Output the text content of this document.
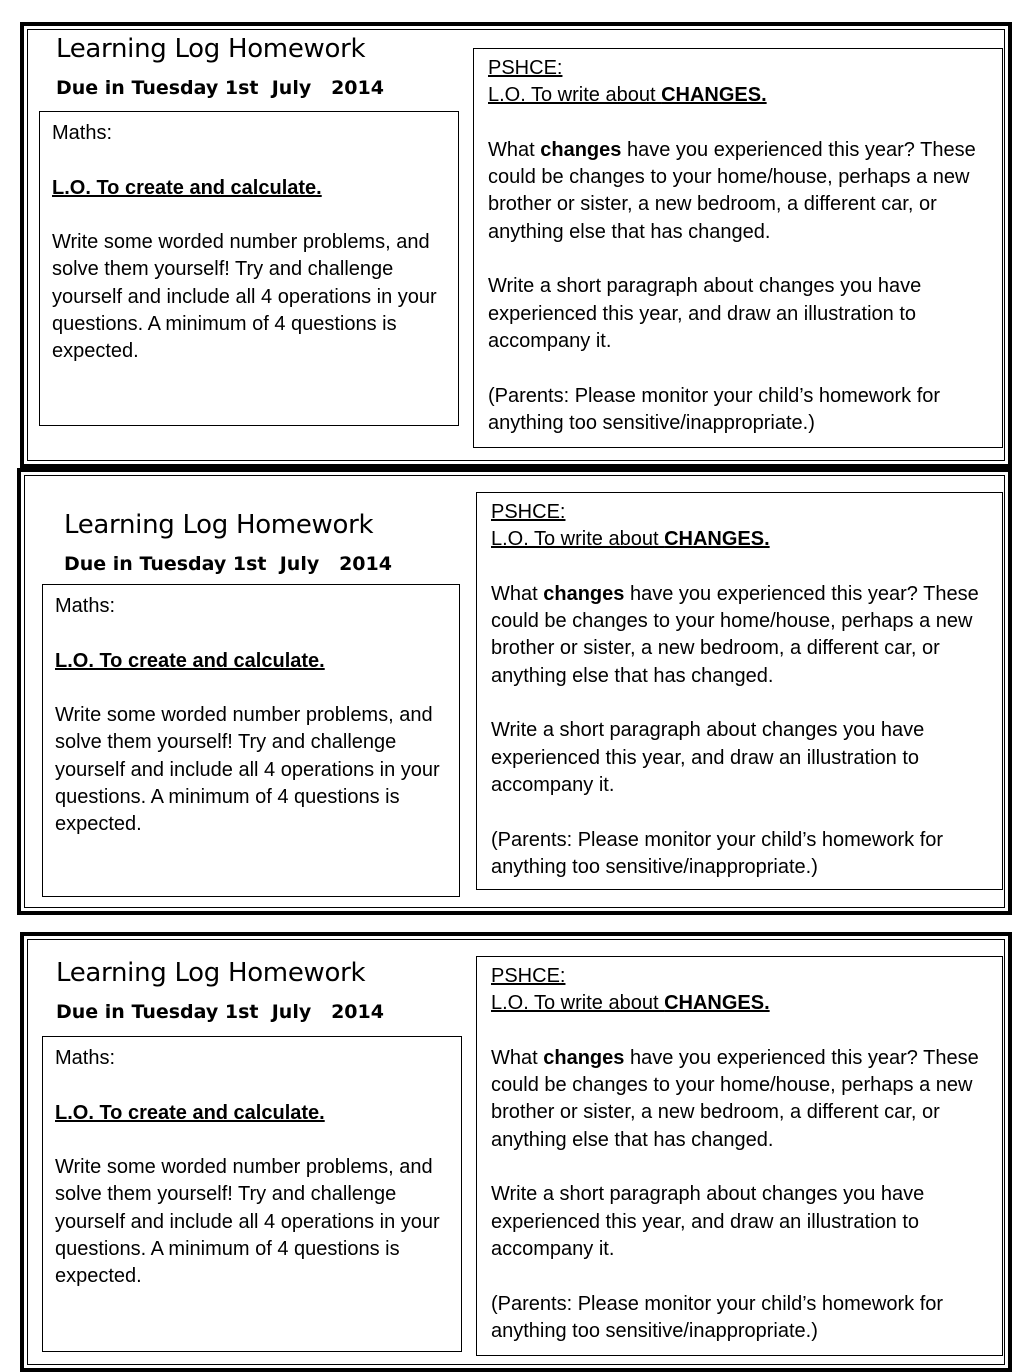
Learning Log Homework
Due in Tuesday 1st  July   2014

Maths:

L.O. To create and calculate.

Write some worded number problems, and solve them yourself! Try and challenge yourself and include all 4 operations in your questions. A minimum of 4 questions is expected.

PSHCE:

L.O. To write about CHANGES.

What changes have you experienced this year? These could be changes to your home/house, perhaps a new brother or sister, a new bedroom, a different car, or anything else that has changed.

Write a short paragraph about changes you have experienced this year, and draw an illustration to accompany it.

(Parents: Please monitor your child’s homework for anything too sensitive/inappropriate.)

Learning Log Homework
Due in Tuesday 1st  July   2014

Maths:

L.O. To create and calculate.

Write some worded number problems, and solve them yourself! Try and challenge yourself and include all 4 operations in your questions. A minimum of 4 questions is expected.

PSHCE:

L.O. To write about CHANGES.

What changes have you experienced this year? These could be changes to your home/house, perhaps a new brother or sister, a new bedroom, a different car, or anything else that has changed.

Write a short paragraph about changes you have experienced this year, and draw an illustration to accompany it.

(Parents: Please monitor your child’s homework for anything too sensitive/inappropriate.)

Learning Log Homework
Due in Tuesday 1st  July   2014

Maths:

L.O. To create and calculate.

Write some worded number problems, and solve them yourself! Try and challenge yourself and include all 4 operations in your questions. A minimum of 4 questions is expected.

PSHCE:

L.O. To write about CHANGES.

What changes have you experienced this year? These could be changes to your home/house, perhaps a new brother or sister, a new bedroom, a different car, or anything else that has changed.

Write a short paragraph about changes you have experienced this year, and draw an illustration to accompany it.

(Parents: Please monitor your child’s homework for anything too sensitive/inappropriate.)
